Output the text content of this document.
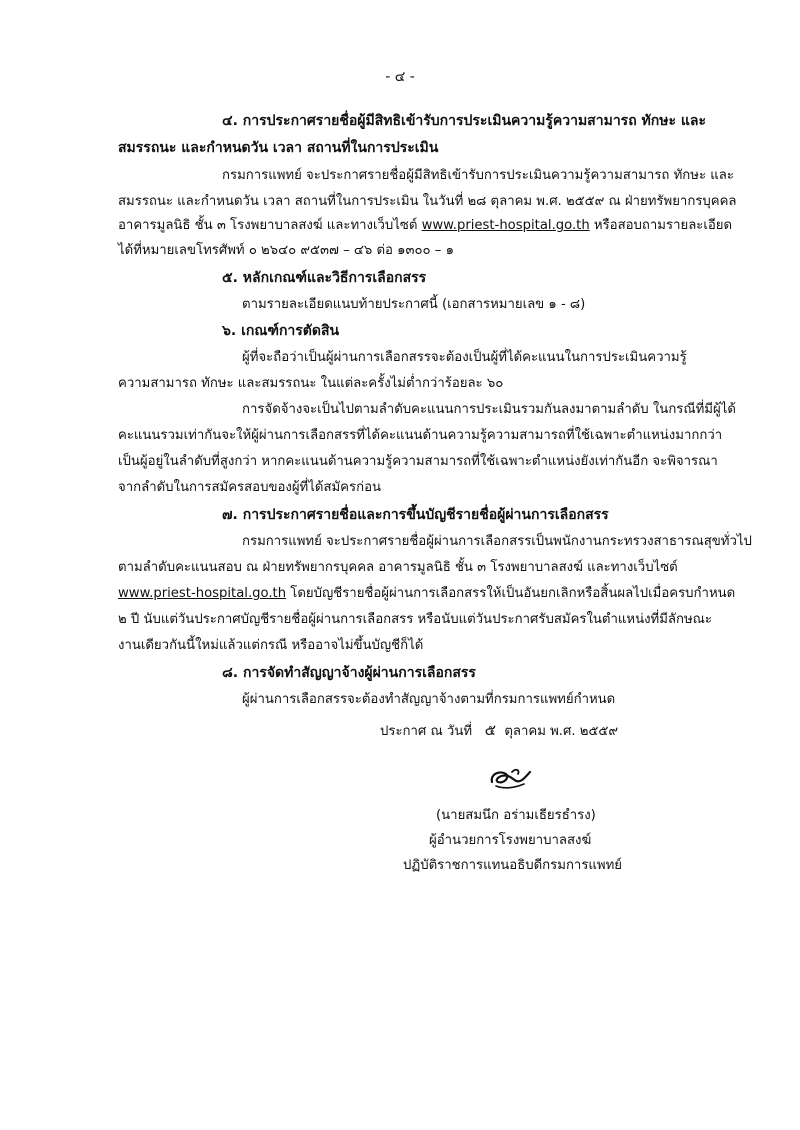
- ๔ -
๔. การประกาศรายชื่อผู้มีสิทธิเข้ารับการประเมินความรู้ความสามารถ ทักษะ และ
สมรรถนะ และกำหนดวัน เวลา สถานที่ในการประเมิน
กรมการแพทย์ จะประกาศรายชื่อผู้มีสิทธิเข้ารับการประเมินความรู้ความสามารถ ทักษะ และ
สมรรถนะ และกำหนดวัน เวลา สถานที่ในการประเมิน ในวันที่ ๒๘ ตุลาคม พ.ศ. ๒๕๕๙ ณ ฝ่ายทรัพยากรบุคคล
อาคารมูลนิธิ ชั้น ๓ โรงพยาบาลสงฆ์ และทางเว็บไซต์ www.priest-hospital.go.th หรือสอบถามรายละเอียด
ได้ที่หมายเลขโทรศัพท์ ๐ ๒๖๔๐ ๙๕๓๗ – ๔๖ ต่อ ๑๓๐๐ – ๑
๕. หลักเกณฑ์และวิธีการเลือกสรร
ตามรายละเอียดแนบท้ายประกาศนี้ (เอกสารหมายเลข ๑ - ๘)
๖. เกณฑ์การตัดสิน
ผู้ที่จะถือว่าเป็นผู้ผ่านการเลือกสรรจะต้องเป็นผู้ที่ได้คะแนนในการประเมินความรู้
ความสามารถ ทักษะ และสมรรถนะ ในแต่ละครั้งไม่ต่ำกว่าร้อยละ ๖๐
การจัดจ้างจะเป็นไปตามลำดับคะแนนการประเมินรวมกันลงมาตามลำดับ ในกรณีที่มีผู้ได้
คะแนนรวมเท่ากันจะให้ผู้ผ่านการเลือกสรรที่ได้คะแนนด้านความรู้ความสามารถที่ใช้เฉพาะตำแหน่งมากกว่า
เป็นผู้อยู่ในลำดับที่สูงกว่า หากคะแนนด้านความรู้ความสามารถที่ใช้เฉพาะตำแหน่งยังเท่ากันอีก จะพิจารณา
จากลำดับในการสมัครสอบของผู้ที่ได้สมัครก่อน
๗. การประกาศรายชื่อและการขึ้นบัญชีรายชื่อผู้ผ่านการเลือกสรร
กรมการแพทย์ จะประกาศรายชื่อผู้ผ่านการเลือกสรรเป็นพนักงานกระทรวงสาธารณสุขทั่วไป
ตามลำดับคะแนนสอบ ณ ฝ่ายทรัพยากรบุคคล อาคารมูลนิธิ ชั้น ๓ โรงพยาบาลสงฆ์ และทางเว็บไซต์
www.priest-hospital.go.th โดยบัญชีรายชื่อผู้ผ่านการเลือกสรรให้เป็นอันยกเลิกหรือสิ้นผลไปเมื่อครบกำหนด
๒ ปี นับแต่วันประกาศบัญชีรายชื่อผู้ผ่านการเลือกสรร หรือนับแต่วันประกาศรับสมัครในตำแหน่งที่มีลักษณะ
งานเดียวกันนี้ใหม่แล้วแต่กรณี หรืออาจไม่ขึ้นบัญชีก็ได้
๘. การจัดทำสัญญาจ้างผู้ผ่านการเลือกสรร
ผู้ผ่านการเลือกสรรจะต้องทำสัญญาจ้างตามที่กรมการแพทย์กำหนด
ประกาศ ณ วันที่ ๕ ตุลาคม พ.ศ. ๒๕๕๙
(นายสมนึก อร่ามเธียรธำรง)
ผู้อำนวยการโรงพยาบาลสงฆ์
ปฏิบัติราชการแทนอธิบดีกรมการแพทย์
